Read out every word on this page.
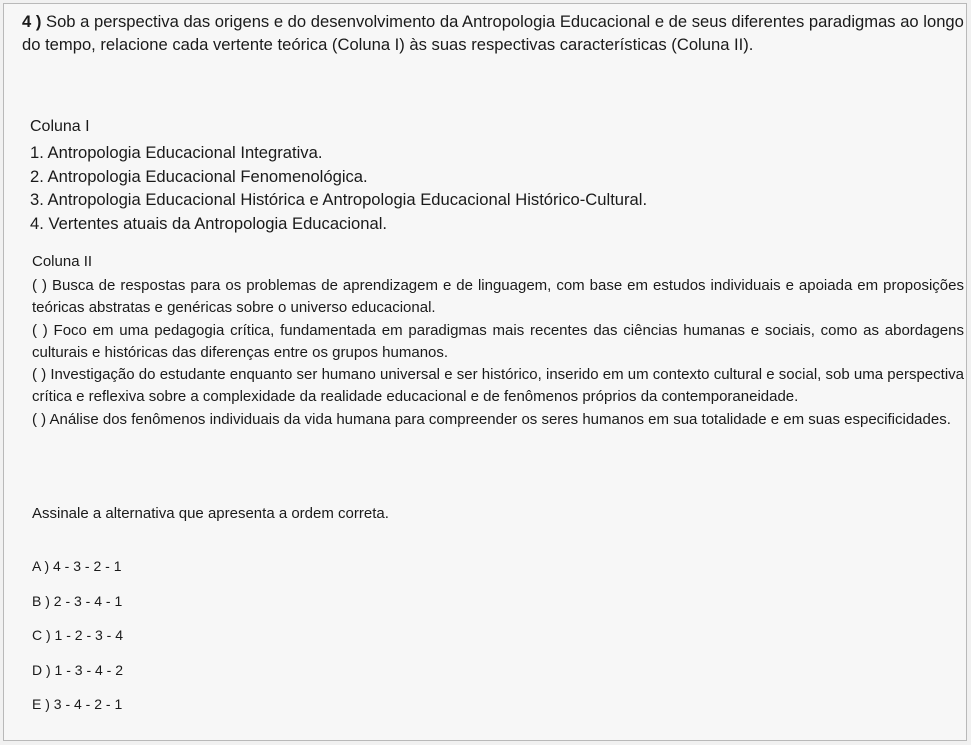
4 ) Sob a perspectiva das origens e do desenvolvimento da Antropologia Educacional e de seus diferentes paradigmas ao longo do tempo, relacione cada vertente teórica (Coluna I) às suas respectivas características (Coluna II).

Coluna I

1. Antropologia Educacional Integrativa.
2. Antropologia Educacional Fenomenológica.
3. Antropologia Educacional Histórica e Antropologia Educacional Histórico-Cultural.
4. Vertentes atuais da Antropologia Educacional.

Coluna II

( ) Busca de respostas para os problemas de aprendizagem e de linguagem, com base em estudos individuais e apoiada em proposições teóricas abstratas e genéricas sobre o universo educacional.
( ) Foco em uma pedagogia crítica, fundamentada em paradigmas mais recentes das ciências humanas e sociais, como as abordagens culturais e históricas das diferenças entre os grupos humanos.
( ) Investigação do estudante enquanto ser humano universal e ser histórico, inserido em um contexto cultural e social, sob uma perspectiva crítica e reflexiva sobre a complexidade da realidade educacional e de fenômenos próprios da contemporaneidade.
( ) Análise dos fenômenos individuais da vida humana para compreender os seres humanos em sua totalidade e em suas especificidades.

Assinale a alternativa que apresenta a ordem correta.

A ) 4 - 3 - 2 - 1
B ) 2 - 3 - 4 - 1
C ) 1 - 2 - 3 - 4
D ) 1 - 3 - 4 - 2
E ) 3 - 4 - 2 - 1
